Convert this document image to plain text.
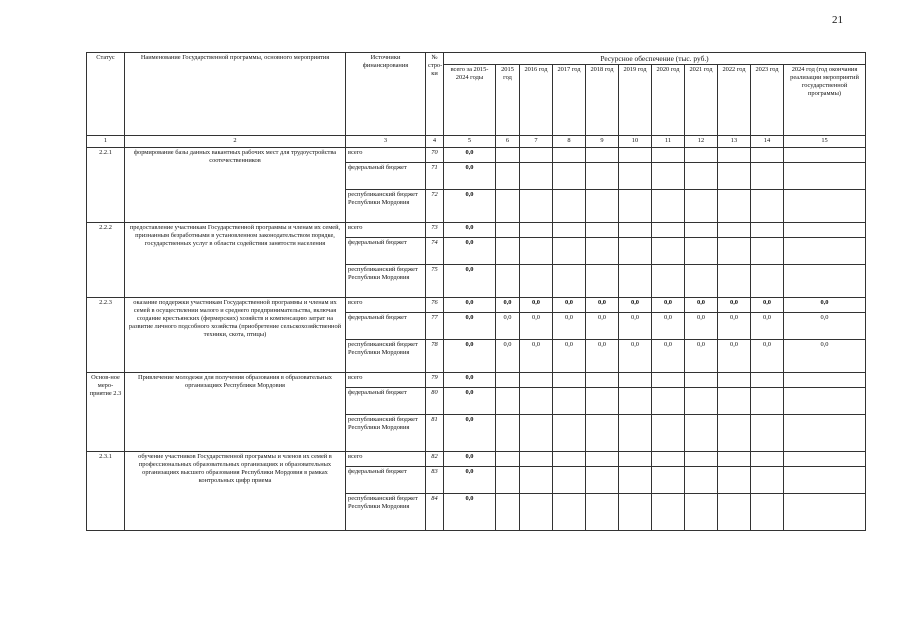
21
Статус	Наименование Государственной программы, основного мероприятия	Источники финансирования	№ стро-ки	Ресурсное обеспечение (тыс. руб.)										
				всего за 2015-2024 годы	2015 год	2016 год	2017 год	2018 год	2019 год	2020 год	2021 год	2022 год	2023 год	2024 год (год окончания реализации мероприятий государственной программы)
1	2	3	4	5	6	7	8	9	10	11	12	13	14	15
2.2.1	формирование базы данных вакантных рабочих мест для трудоустройства соотечественников	всего	70	0,0										
		федеральный бюджет	71	0,0										
		республиканский бюджет Республики Мордовия	72	0,0										
2.2.2	предоставление участникам Государственной программы и членам их семей, признанным безработными в установленном законодательством порядке, государственных услуг в области содействия занятости населения	всего	73	0,0										
		федеральный бюджет	74	0,0										
		республиканский бюджет Республики Мордовия	75	0,0										
2.2.3	оказание поддержки участникам Государственной программы и членам их семей в осуществлении малого и среднего предпринимательства, включая создание крестьянских (фермерских) хозяйств и компенсацию затрат на развитие личного подсобного хозяйства (приобретение сельскохозяйственной техники, скота, птицы)	всего	76	0,0	0,0	0,0	0,0	0,0	0,0	0,0	0,0	0,0	0,0	0,0
		федеральный бюджет	77	0,0	0,0	0,0	0,0	0,0	0,0	0,0	0,0	0,0	0,0	0,0
		республиканский бюджет Республики Мордовия	78	0,0	0,0	0,0	0,0	0,0	0,0	0,0	0,0	0,0	0,0	0,0
Основ-ное меро-приятие 2.3	Привлечение молодежи для получения образования в образовательных организациях Республики Мордовия	всего	79	0,0										
		федеральный бюджет	80	0,0										
		республиканский бюджет Республики Мордовия	81	0,0										
2.3.1	обучение участников Государственной программы и членов их семей в профессиональных образовательных организациях и образовательных организациях высшего образования Республики Мордовия в рамках контрольных цифр приема	всего	82	0,0										
		федеральный бюджет	83	0,0										
		республиканский бюджет Республики Мордовия	84	0,0										
